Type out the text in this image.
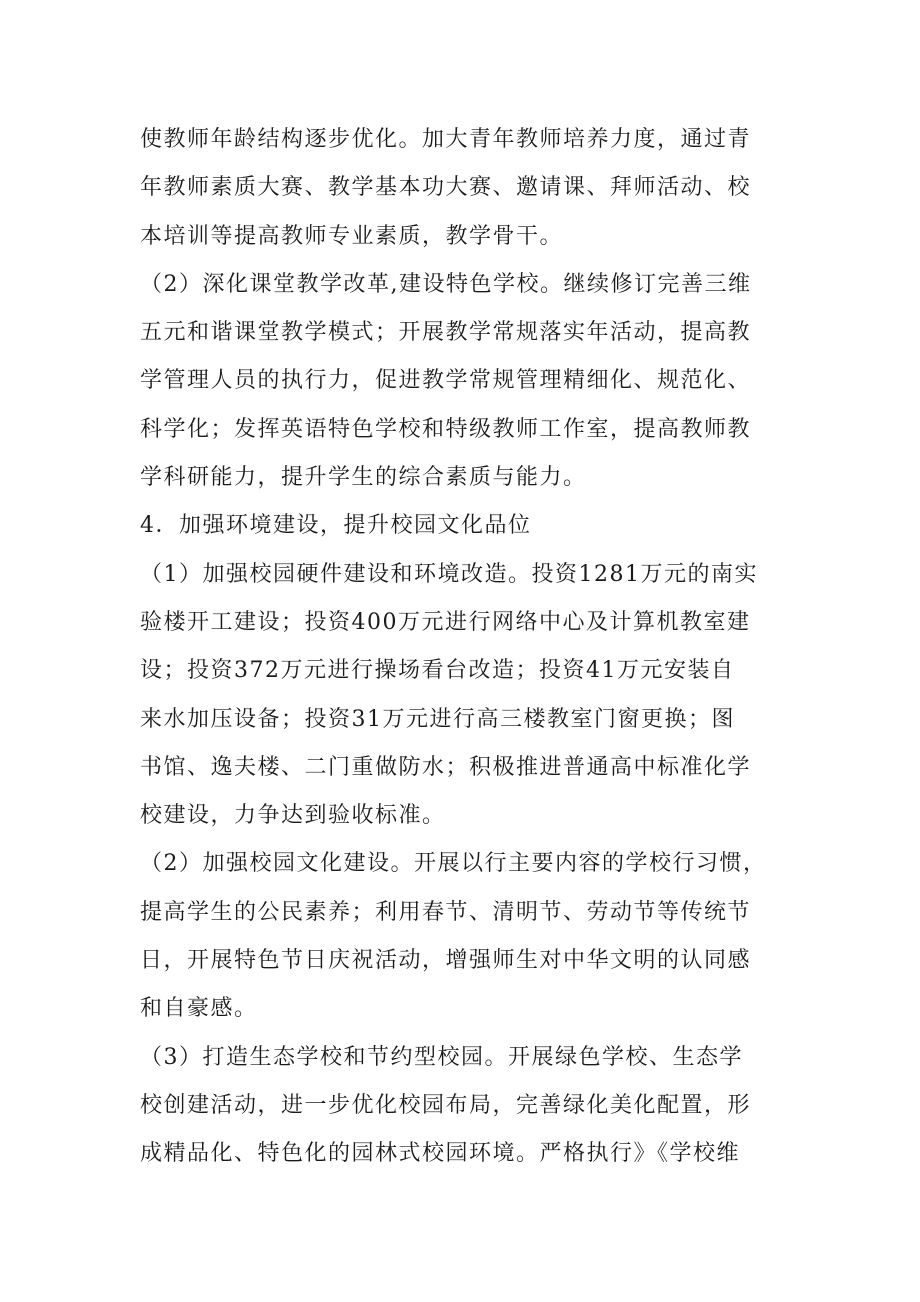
使教师年龄结构逐步优化。加大青年教师培养力度，通过青
年教师素质大赛、教学基本功大赛、邀请课、拜师活动、校
本培训等提高教师专业素质，教学骨干。
（2）深化课堂教学改革,建设特色学校。继续修订完善三维
五元和谐课堂教学模式；开展教学常规落实年活动，提高教
学管理人员的执行力，促进教学常规管理精细化、规范化、
科学化；发挥英语特色学校和特级教师工作室，提高教师教
学科研能力，提升学生的综合素质与能力。
4．加强环境建设，提升校园文化品位
（1）加强校园硬件建设和环境改造。投资1281万元的南实
验楼开工建设；投资400万元进行网络中心及计算机教室建
设；投资372万元进行操场看台改造；投资41万元安装自
来水加压设备；投资31万元进行高三楼教室门窗更换；图
书馆、逸夫楼、二门重做防水；积极推进普通高中标准化学
校建设，力争达到验收标准。
（2）加强校园文化建设。开展以行主要内容的学校行习惯，
提高学生的公民素养；利用春节、清明节、劳动节等传统节
日，开展特色节日庆祝活动，增强师生对中华文明的认同感
和自豪感。
（3）打造生态学校和节约型校园。开展绿色学校、生态学
校创建活动，进一步优化校园布局，完善绿化美化配置，形
成精品化、特色化的园林式校园环境。严格执行》《学校维
